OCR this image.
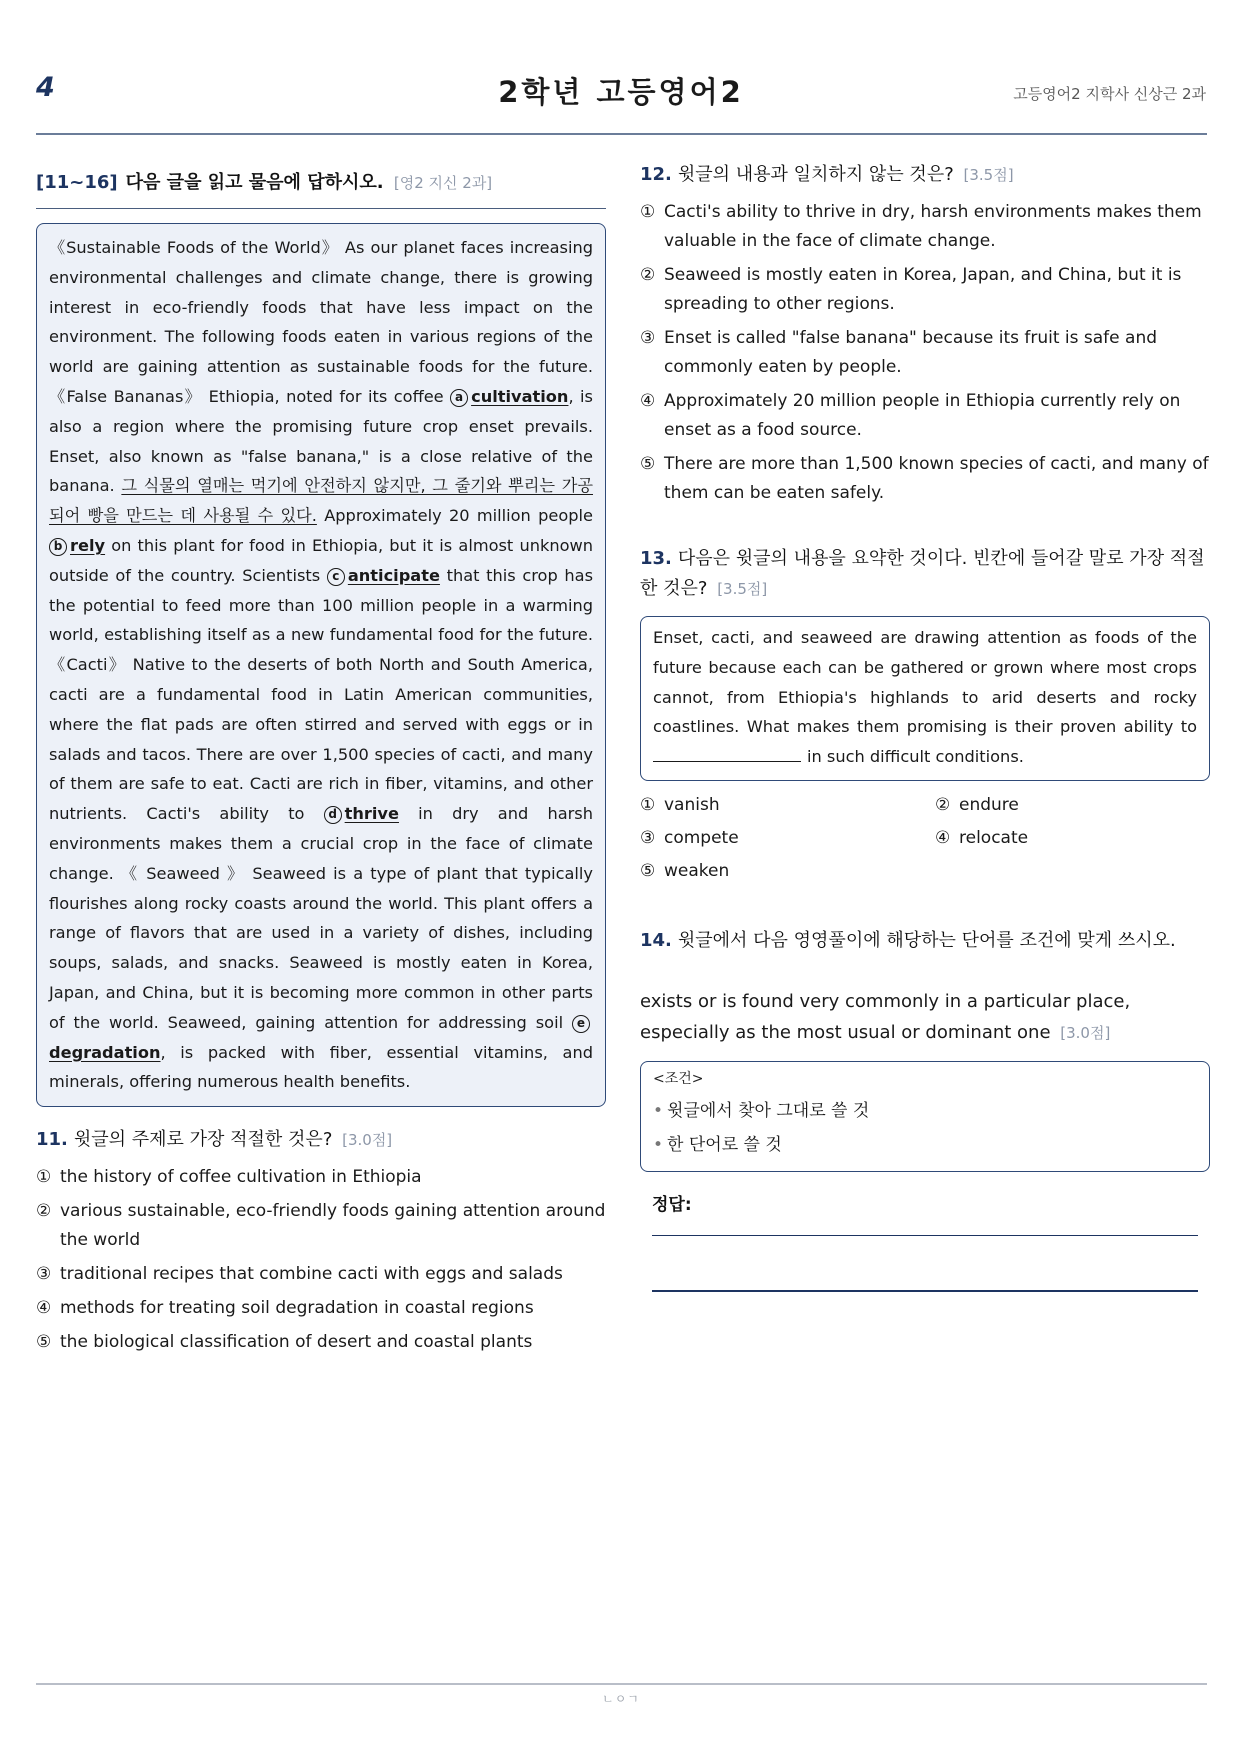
4	2학년 고등영어2	고등영어2 지학사 신상근 2과
[11~16] 다음 글을 읽고 물음에 답하시오. [영2 지신 2과]
《Sustainable Foods of the World》 As our planet faces increasing environmental challenges and climate change, there is growing interest in eco-friendly foods that have less impact on the environment. The following foods eaten in various regions of the world are gaining attention as sustainable foods for the future. 《False Bananas》 Ethiopia, noted for its coffee a cultivation, is also a region where the promising future crop enset prevails. Enset, also known as "false banana," is a close relative of the banana. 그 식물의 열매는 먹기에 안전하지 않지만, 그 줄기와 뿌리는 가공되어 빵을 만드는 데 사용될 수 있다. Approximately 20 million people b rely on this plant for food in Ethiopia, but it is almost unknown outside of the country. Scientists c anticipate that this crop has the potential to feed more than 100 million people in a warming world, establishing itself as a new fundamental food for the future. 《Cacti》 Native to the deserts of both North and South America, cacti are a fundamental food in Latin American communities, where the flat pads are often stirred and served with eggs or in salads and tacos. There are over 1,500 species of cacti, and many of them are safe to eat. Cacti are rich in fiber, vitamins, and other nutrients. Cacti's ability to d thrive in dry and harsh environments makes them a crucial crop in the face of climate change. 《 Seaweed 》 Seaweed is a type of plant that typically flourishes along rocky coasts around the world. This plant offers a range of flavors that are used in a variety of dishes, including soups, salads, and snacks. Seaweed is mostly eaten in Korea, Japan, and China, but it is becoming more common in other parts of the world. Seaweed, gaining attention for addressing soil edegradation, is packed with fiber, essential vitamins, and minerals, offering numerous health benefits.
11. 윗글의 주제로 가장 적절한 것은? [3.0점]
① the history of coffee cultivation in Ethiopia
② various sustainable, eco-friendly foods gaining attention around the world
③ traditional recipes that combine cacti with eggs and salads
④ methods for treating soil degradation in coastal regions
⑤ the biological classification of desert and coastal plants
12. 윗글의 내용과 일치하지 않는 것은? [3.5점]
① Cacti's ability to thrive in dry, harsh environments makes them valuable in the face of climate change.
② Seaweed is mostly eaten in Korea, Japan, and China, but it is spreading to other regions.
③ Enset is called "false banana" because its fruit is safe and commonly eaten by people.
④ Approximately 20 million people in Ethiopia currently rely on enset as a food source.
⑤ There are more than 1,500 known species of cacti, and many of them can be eaten safely.
13. 다음은 윗글의 내용을 요약한 것이다. 빈칸에 들어갈 말로 가장 적절한 것은? [3.5점]
Enset, cacti, and seaweed are drawing attention as foods of the future because each can be gathered or grown where most crops cannot, from Ethiopia's highlands to arid deserts and rocky coastlines. What makes them promising is their proven ability to in such difficult conditions.
① vanish	② endure
③ compete	④ relocate
⑤ weaken
14. 윗글에서 다음 영영풀이에 해당하는 단어를 조건에 맞게 쓰시오.
exists or is found very commonly in a particular place, especially as the most usual or dominant one [3.0점]
<조건>
• 윗글에서 찾아 그대로 쓸 것
• 한 단어로 쓸 것
정답:
ㄴㅇㄱ
